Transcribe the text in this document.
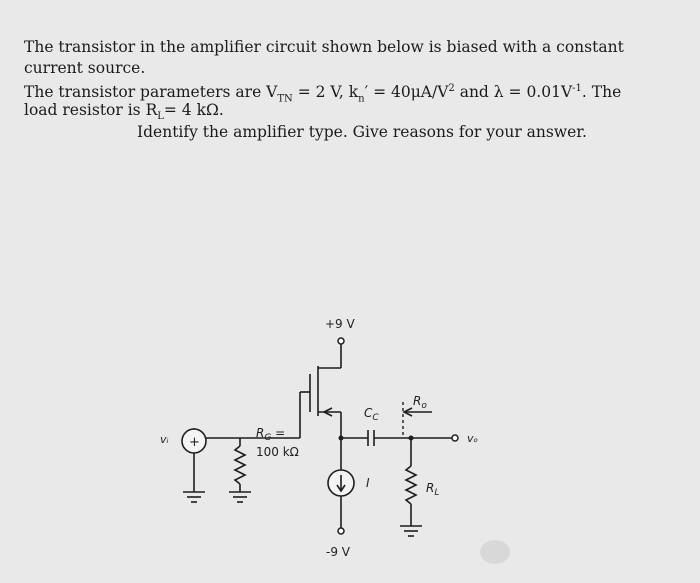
The transistor in the amplifier circuit shown below is biased with a constant
current source.
The transistor parameters are $V_{TN} = 2$ V, $k_n' = 40\mu A/V^2$ and $\lambda = 0.01V^{-1}$. The
load resistor is $R_L= 4$ kΩ.
Identify the amplifier type. Give reasons for your answer.
+9 V
+
vᵢ	$R_G$ =
100 kΩ
$C_C$
vₒ
$R_o$
$R_L$
I
-9 V
